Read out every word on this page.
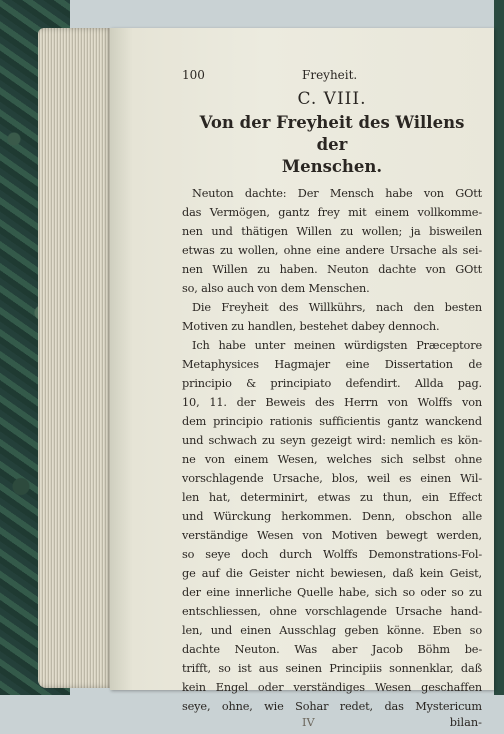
100	Freyheit.
C. VIII.
Von der Freyheit des Willens der
Menschen.
Neuton dachte: Der Mensch habe von GOtt
das Vermögen, gantz frey mit einem vollkomme-
nen und thätigen Willen zu wollen; ja bisweilen
etwas zu wollen, ohne eine andere Ursache als sei-
nen Willen zu haben. Neuton dachte von GOtt
so, also auch von dem Menschen.
Die Freyheit des Willkührs, nach den besten
Motiven zu handlen, bestehet dabey dennoch.
Ich habe unter meinen würdigsten Præceptore
Metaphysices Hagmajer eine Dissertation de
principio & principiato defendirt. Allda pag.
10, 11. der Beweis des Herrn von Wolffs von
dem principio rationis sufficientis gantz wanckend
und schwach zu seyn gezeigt wird: nemlich es kön-
ne von einem Wesen, welches sich selbst ohne
vorschlagende Ursache, blos, weil es einen Wil-
len hat, determinirt, etwas zu thun, ein Effect
und Würckung herkommen. Denn, obschon alle
verständige Wesen von Motiven bewegt werden,
so seye doch durch Wolffs Demonstrations-Fol-
ge auf die Geister nicht bewiesen, daß kein Geist,
der eine innerliche Quelle habe, sich so oder so zu
entschliessen, ohne vorschlagende Ursache hand-
len, und einen Ausschlag geben könne. Eben so
dachte Neuton. Was aber Jacob Böhm be-
trifft, so ist aus seinen Principiis sonnenklar, daß
kein Engel oder verständiges Wesen geschaffen
seye, ohne, wie Sohar redet, das Mystericum
IV	bilan-
